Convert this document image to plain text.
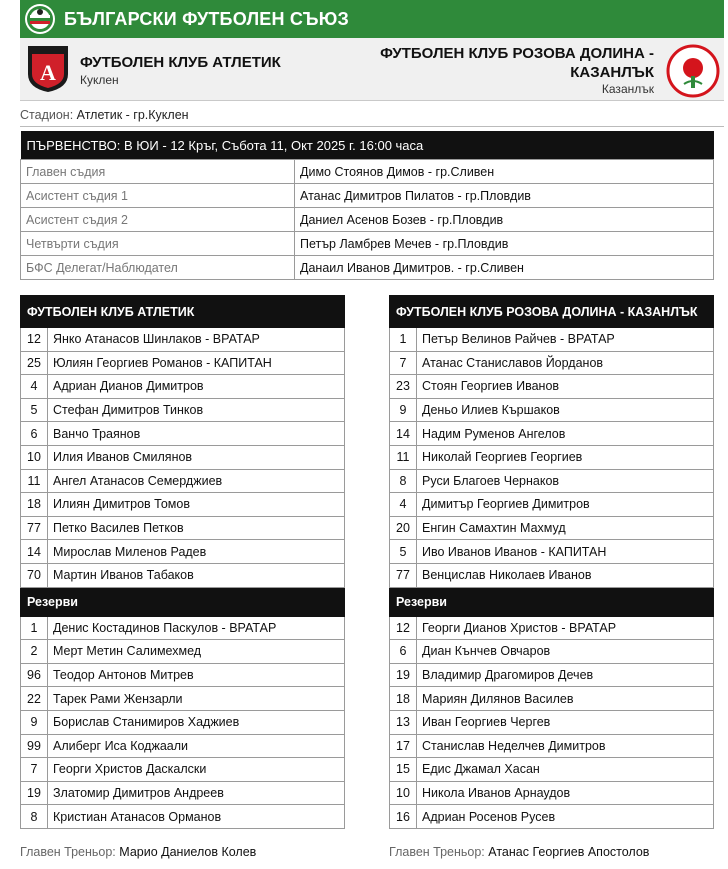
БЪЛГАРСКИ ФУТБОЛЕН СЪЮЗ
A ФУТБОЛЕН КЛУБ АТЛЕТИК
Куклен
ФУТБОЛЕН КЛУБ РОЗОВА ДОЛИНА -
КАЗАНЛЪК
Казанлък
Стадион: Атлетик - гр.Куклен
ПЪРВЕНСТВО: В ЮИ - 12 Кръг, Събота 11, Окт 2025 г. 16:00 часа	
Главен съдия	Димо Стоянов Димов - гр.Сливен
Асистент съдия 1	Атанас Димитров Пилатов - гр.Пловдив
Асистент съдия 2	Даниел Асенов Бозев - гр.Пловдив
Четвърти съдия	Петър Ламбрев Мечев - гр.Пловдив
БФС Делегат/Наблюдател	Данаил Иванов Димитров. - гр.Сливен
ФУТБОЛЕН КЛУБ АТЛЕТИК	
12	Янко Атанасов Шинлаков - ВРАТАР
25	Юлиян Георгиев Романов - КАПИТАН
4	Адриан Дианов Димитров
5	Стефан Димитров Тинков
6	Ванчо Траянов
10	Илия Иванов Смилянов
11	Ангел Атанасов Семерджиев
18	Илиян Димитров Томов
77	Петко Василев Петков
14	Мирослав Миленов Радев
70	Мартин Иванов Табаков
Резерви	
1	Денис Костадинов Паскулов - ВРАТАР
2	Мерт Метин Салимехмед
96	Теодор Антонов Митрев
22	Тарек Рами Жензарли
9	Борислав Станимиров Хаджиев
99	Алиберг Иса Коджаали
7	Георги Христов Даскалски
19	Златомир Димитров Андреев
8	Кристиан Атанасов Орманов
ФУТБОЛЕН КЛУБ РОЗОВА ДОЛИНА - КАЗАНЛЪК	
1	Петър Велинов Райчев - ВРАТАР
7	Атанас Станиславов Йорданов
23	Стоян Георгиев Иванов
9	Деньо Илиев Кършаков
14	Надим Руменов Ангелов
11	Николай Георгиев Георгиев
8	Руси Благоев Чернаков
4	Димитър Георгиев Димитров
20	Енгин Самахтин Махмуд
5	Иво Иванов Иванов - КАПИТАН
77	Венцислав Николаев Иванов
Резерви	
12	Георги Дианов Христов - ВРАТАР
6	Диан Кънчев Овчаров
19	Владимир Драгомиров Дечев
18	Мариян Дилянов Василев
13	Иван Георгиев Чергев
17	Станислав Неделчев Димитров
15	Едис Джамал Хасан
10	Никола Иванов Арнаудов
16	Адриан Росенов Русев
Главен Треньор: Марио Даниелов Колев	Главен Треньор: Атанас Георгиев Апостолов
